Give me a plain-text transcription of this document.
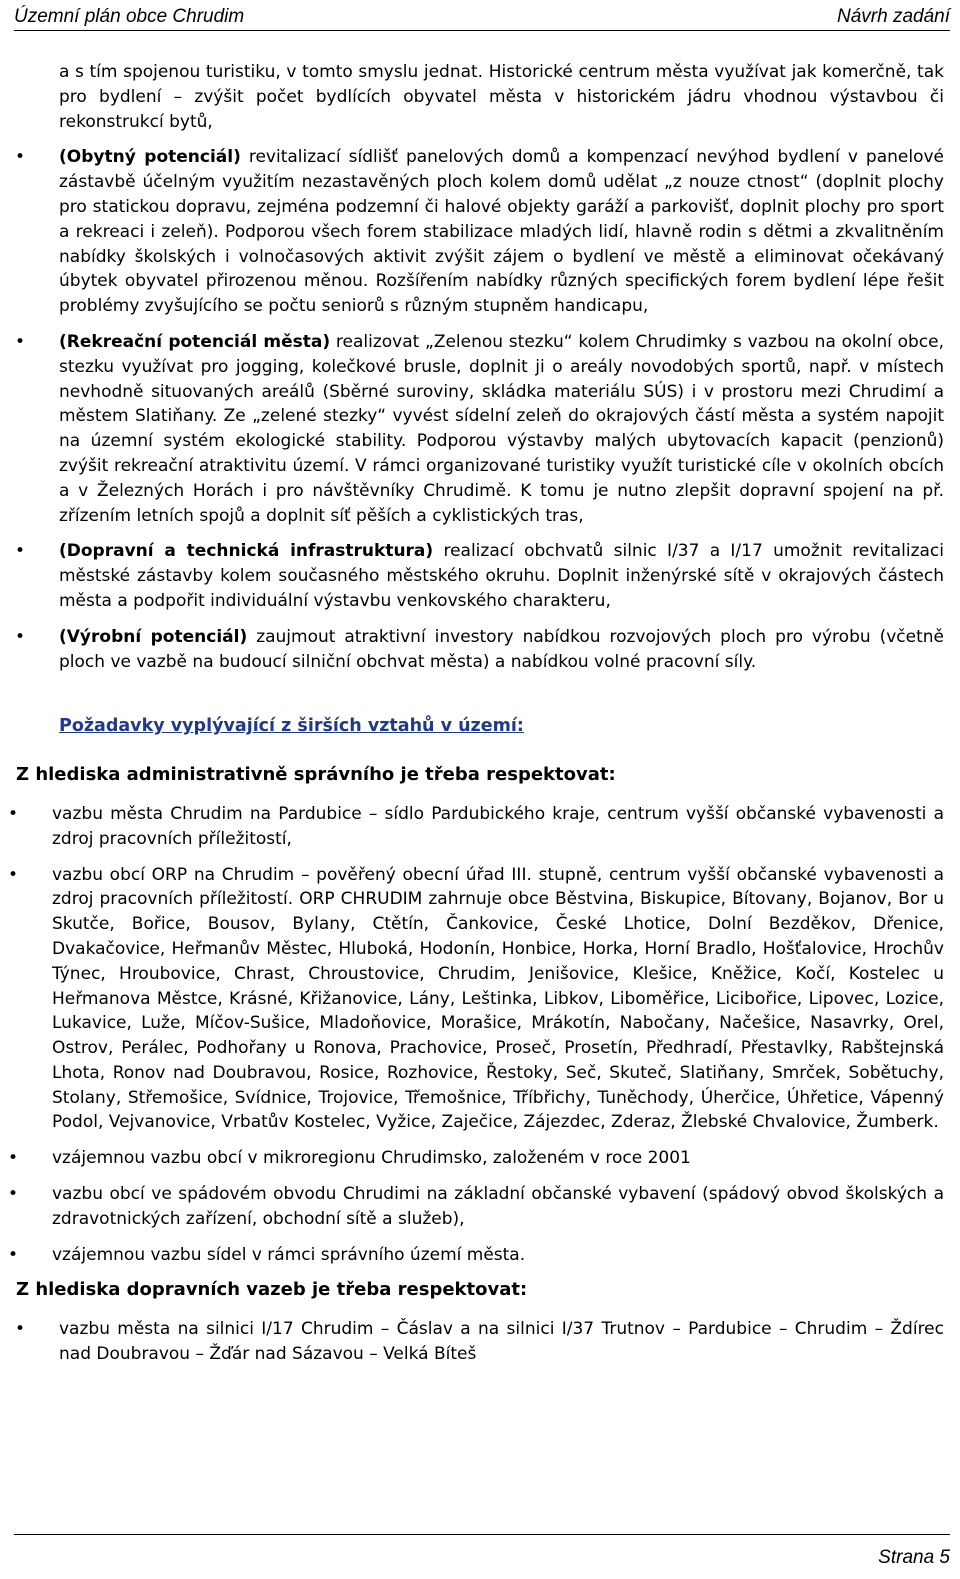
Územní plán obce Chrudim	Návrh zadání

a s tím spojenou turistiku, v tomto smyslu jednat. Historické centrum města využívat jak komerčně, tak pro bydlení – zvýšit počet bydlících obyvatel města v historickém jádru vhodnou výstavbou či rekonstrukcí bytů,

• (Obytný potenciál) revitalizací sídlišť panelových domů a kompenzací nevýhod bydlení v panelové zástavbě účelným využitím nezastavěných ploch kolem domů udělat „z nouze ctnost“ (doplnit plochy pro statickou dopravu, zejména podzemní či halové objekty garáží a parkovišť, doplnit plochy pro sport a rekreaci i zeleň). Podporou všech forem stabilizace mladých lidí, hlavně rodin s dětmi a zkvalitněním nabídky školských i volnočasových aktivit zvýšit zájem o bydlení ve městě a eliminovat očekávaný úbytek obyvatel přirozenou měnou. Rozšířením nabídky různých specifických forem bydlení lépe řešit problémy zvyšujícího se počtu seniorů s různým stupněm handicapu,
• (Rekreační potenciál města) realizovat „Zelenou stezku“ kolem Chrudimky s vazbou na okolní obce, stezku využívat pro jogging, kolečkové brusle, doplnit ji o areály novodobých sportů, např. v místech nevhodně situovaných areálů (Sběrné suroviny, skládka materiálu SÚS) i v prostoru mezi Chrudimí a městem Slatiňany. Ze „zelené stezky“ vyvést sídelní zeleň do okrajových částí města a systém napojit na územní systém ekologické stability. Podporou výstavby malých ubytovacích kapacit (penzionů) zvýšit rekreační atraktivitu území. V rámci organizované turistiky využít turistické cíle v okolních obcích a v Železných Horách i pro návštěvníky Chrudimě. K tomu je nutno zlepšit dopravní spojení na př. zřízením letních spojů a doplnit síť pěších a cyklistických tras,
• (Dopravní a technická infrastruktura) realizací obchvatů silnic I/37 a I/17 umožnit revitalizaci městské zástavby kolem současného městského okruhu. Doplnit inženýrské sítě v okrajových částech města a podpořit individuální výstavbu venkovského charakteru,
• (Výrobní potenciál) zaujmout atraktivní investory nabídkou rozvojových ploch pro výrobu (včetně ploch ve vazbě na budoucí silniční obchvat města) a nabídkou volné pracovní síly.
Požadavky vyplývající z širších vztahů v území:
Z hlediska administrativně správního je třeba respektovat:
• vazbu města Chrudim na Pardubice – sídlo Pardubického kraje, centrum vyšší občanské vybavenosti a zdroj pracovních příležitostí,
• vazbu obcí ORP na Chrudim – pověřený obecní úřad III. stupně, centrum vyšší občanské vybavenosti a zdroj pracovních příležitostí. ORP CHRUDIM zahrnuje obce Běstvina, Biskupice, Bítovany, Bojanov, Bor u Skutče, Bořice, Bousov, Bylany, Ctětín, Čankovice, České Lhotice, Dolní Bezděkov, Dřenice, Dvakačovice, Heřmanův Městec, Hluboká, Hodonín, Honbice, Horka, Horní Bradlo, Hošťalovice, Hrochův Týnec, Hroubovice, Chrast, Chroustovice, Chrudim, Jenišovice, Klešice, Kněžice, Kočí, Kostelec u Heřmanova Městce, Krásné, Křižanovice, Lány, Leštinka, Libkov, Liboměřice, Licibořice, Lipovec, Lozice, Lukavice, Luže, Míčov-Sušice, Mladoňovice, Morašice, Mrákotín, Nabočany, Načešice, Nasavrky, Orel, Ostrov, Perálec, Podhořany u Ronova, Prachovice, Proseč, Prosetín, Předhradí, Přestavlky, Rabštejnská Lhota, Ronov nad Doubravou, Rosice, Rozhovice, Řestoky, Seč, Skuteč, Slatiňany, Smrček, Sobětuchy, Stolany, Střemošice, Svídnice, Trojovice, Třemošnice, Tříbřichy, Tuněchody, Úherčice, Úhřetice, Vápenný Podol, Vejvanovice, Vrbatův Kostelec, Vyžice, Zaječice, Zájezdec, Zderaz, Žlebské Chvalovice, Žumberk.
• vzájemnou vazbu obcí v mikroregionu Chrudimsko, založeném v roce 2001
• vazbu obcí ve spádovém obvodu Chrudimi na základní občanské vybavení (spádový obvod školských a zdravotnických zařízení, obchodní sítě a služeb),
• vzájemnou vazbu sídel v rámci správního území města.
Z hlediska dopravních vazeb je třeba respektovat:
• vazbu města na silnici I/17 Chrudim – Čáslav a na silnici I/37 Trutnov – Pardubice – Chrudim – Ždírec nad Doubravou – Žďár nad Sázavou – Velká Bíteš
Strana 5
